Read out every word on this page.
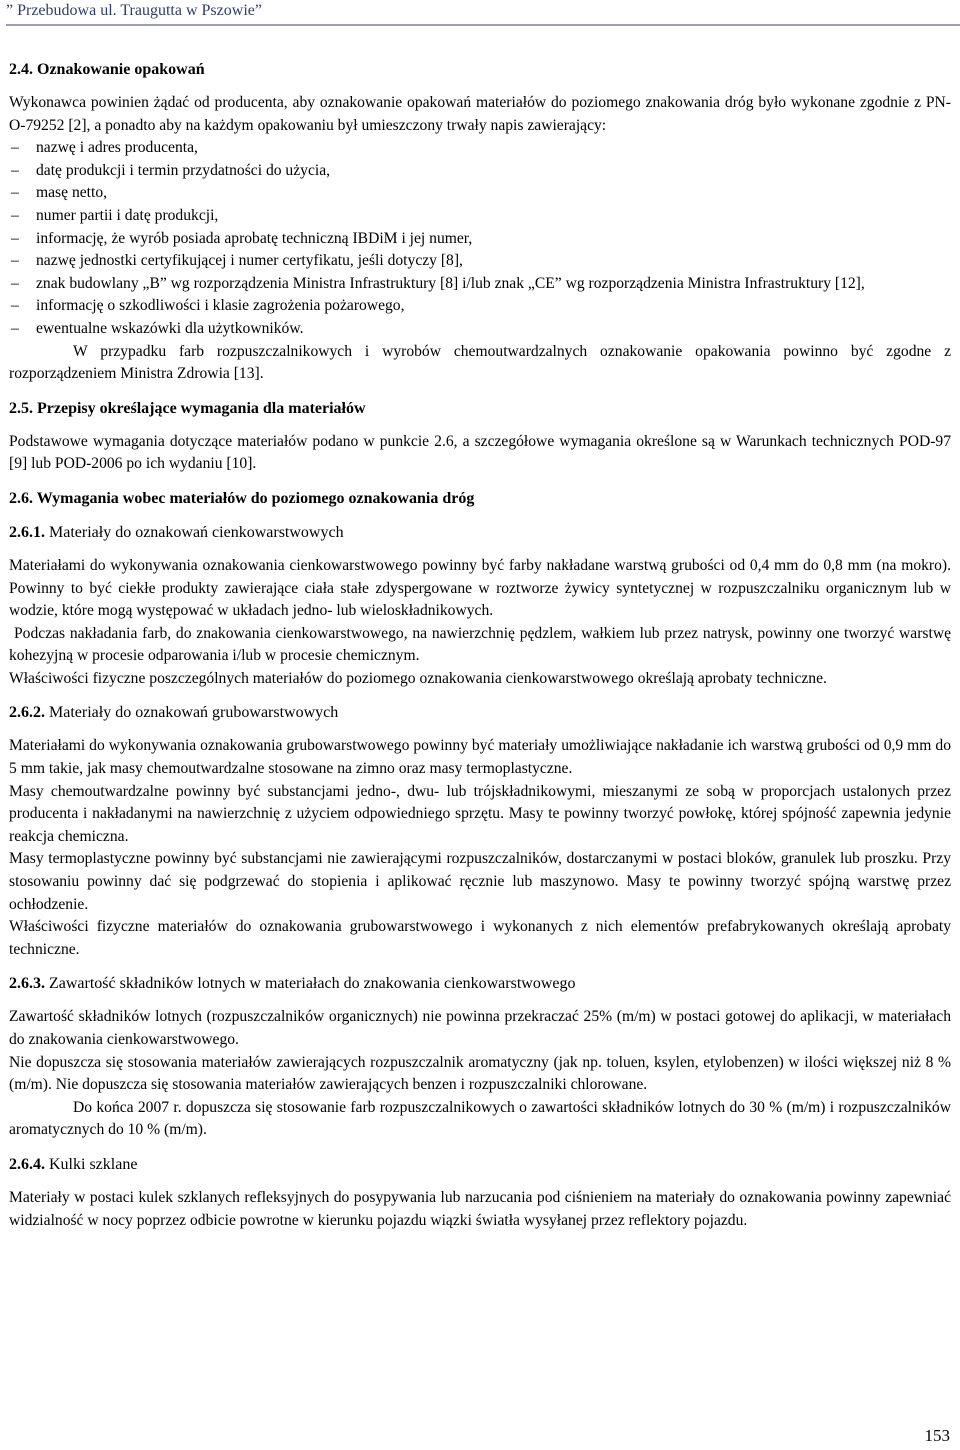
” Przebudowa ul. Traugutta w Pszowie”
2.4. Oznakowanie opakowań

Wykonawca powinien żądać od producenta, aby oznakowanie opakowań materiałów do poziomego znakowania dróg było wykonane zgodnie z PN-O-79252 [2], a ponadto aby na każdym opakowaniu był umieszczony trwały napis zawierający:

– nazwę i adres producenta,
– datę produkcji i termin przydatności do użycia,
– masę netto,
– numer partii i datę produkcji,
– informację, że wyrób posiada aprobatę techniczną IBDiM i jej numer,
– nazwę jednostki certyfikującej i numer certyfikatu, jeśli dotyczy [8],
– znak budowlany „B” wg rozporządzenia Ministra Infrastruktury [8] i/lub znak „CE” wg rozporządzenia Ministra Infrastruktury [12],
– informację o szkodliwości i klasie zagrożenia pożarowego,
– ewentualne wskazówki dla użytkowników.

W przypadku farb rozpuszczalnikowych i wyrobów chemoutwardzalnych oznakowanie opakowania powinno być zgodne z rozporządzeniem Ministra Zdrowia [13].

2.5. Przepisy określające wymagania dla materiałów

Podstawowe wymagania dotyczące materiałów podano w punkcie 2.6, a szczegółowe wymagania określone są w Warunkach technicznych POD-97 [9] lub POD-2006 po ich wydaniu [10].

2.6. Wymagania wobec materiałów do poziomego oznakowania dróg
2.6.1. Materiały do oznakowań cienkowarstwowych

Materiałami do wykonywania oznakowania cienkowarstwowego powinny być farby nakładane warstwą grubości od 0,4 mm do 0,8 mm (na mokro). Powinny to być ciekłe produkty zawierające ciała stałe zdyspergowane w roztworze żywicy syntetycznej w rozpuszczalniku organicznym lub w wodzie, które mogą występować w układach jedno- lub wieloskładnikowych.

Podczas nakładania farb, do znakowania cienkowarstwowego, na nawierzchnię pędzlem, wałkiem lub przez natrysk, powinny one tworzyć warstwę kohezyjną w procesie odparowania i/lub w procesie chemicznym.

Właściwości fizyczne poszczególnych materiałów do poziomego oznakowania cienkowarstwowego określają aprobaty techniczne.

2.6.2. Materiały do oznakowań grubowarstwowych

Materiałami do wykonywania oznakowania grubowarstwowego powinny być materiały umożliwiające nakładanie ich warstwą grubości od 0,9 mm do 5 mm takie, jak masy chemoutwardzalne stosowane na zimno oraz masy termoplastyczne.

Masy chemoutwardzalne powinny być substancjami jedno-, dwu- lub trójskładnikowymi, mieszanymi ze sobą w proporcjach ustalonych przez producenta i nakładanymi na nawierzchnię z użyciem odpowiedniego sprzętu. Masy te powinny tworzyć powłokę, której spójność zapewnia jedynie reakcja chemiczna.

Masy termoplastyczne powinny być substancjami nie zawierającymi rozpuszczalników, dostarczanymi w postaci bloków, granulek lub proszku. Przy stosowaniu powinny dać się podgrzewać do stopienia i aplikować ręcznie lub maszynowo. Masy te powinny tworzyć spójną warstwę przez ochłodzenie.

Właściwości fizyczne materiałów do oznakowania grubowarstwowego i wykonanych z nich elementów prefabrykowanych określają aprobaty techniczne.

2.6.3. Zawartość składników lotnych w materiałach do znakowania cienkowarstwowego

Zawartość składników lotnych (rozpuszczalników organicznych) nie powinna przekraczać 25% (m/m) w postaci gotowej do aplikacji, w materiałach do znakowania cienkowarstwowego.

Nie dopuszcza się stosowania materiałów zawierających rozpuszczalnik aromatyczny (jak np. toluen, ksylen, etylobenzen) w ilości większej niż 8 % (m/m). Nie dopuszcza się stosowania materiałów zawierających benzen i rozpuszczalniki chlorowane.

Do końca 2007 r. dopuszcza się stosowanie farb rozpuszczalnikowych o zawartości składników lotnych do 30 % (m/m) i rozpuszczalników aromatycznych do 10 % (m/m).

2.6.4. Kulki szklane

Materiały w postaci kulek szklanych refleksyjnych do posypywania lub narzucania pod ciśnieniem na materiały do oznakowania powinny zapewniać widzialność w nocy poprzez odbicie powrotne w kierunku pojazdu wiązki światła wysyłanej przez reflektory pojazdu.

153
